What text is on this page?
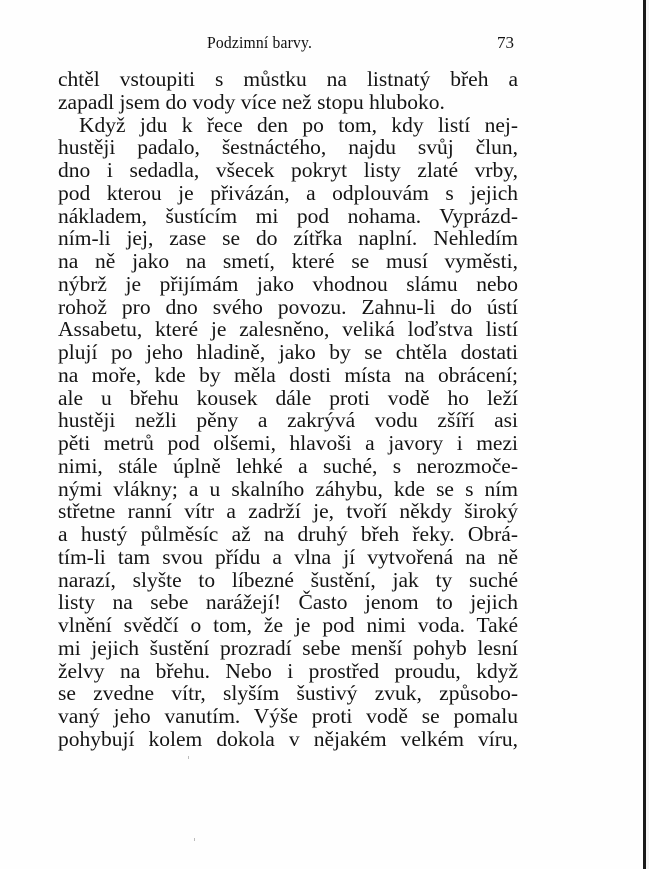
Podzimní barvy.	73
chtěl vstoupiti s můstku na listnatý břeh a
zapadl jsem do vody více než stopu hluboko.
Když jdu k řece den po tom, kdy listí nej-
hustěji padalo, šestnáctého, najdu svůj člun,
dno i sedadla, všecek pokryt listy zlaté vrby,
pod kterou je přivázán, a odplouvám s jejich
nákladem, šustícím mi pod nohama. Vyprázd-
ním-li jej, zase se do zítřka naplní. Nehledím
na ně jako na smetí, které se musí vyměsti,
nýbrž je přijímám jako vhodnou slámu nebo
rohož pro dno svého povozu. Zahnu-li do ústí
Assabetu, které je zalesněno, veliká loďstva listí
plují po jeho hladině, jako by se chtěla dostati
na moře, kde by měla dosti místa na obrácení;
ale u břehu kousek dále proti vodě ho leží
hustěji nežli pěny a zakrývá vodu zšíří asi
pěti metrů pod olšemi, hlavoši a javory i mezi
nimi, stále úplně lehké a suché, s nerozmoče-
nými vlákny; a u skalního záhybu, kde se s ním
střetne ranní vítr a zadrží je, tvoří někdy široký
a hustý půlměsíc až na druhý břeh řeky. Obrá-
tím-li tam svou přídu a vlna jí vytvořená na ně
narazí, slyšte to líbezné šustění, jak ty suché
listy na sebe narážejí! Často jenom to jejich
vlnění svědčí o tom, že je pod nimi voda. Také
mi jejich šustění prozradí sebe menší pohyb lesní
želvy na břehu. Nebo i prostřed proudu, když
se zvedne vítr, slyším šustivý zvuk, způsobo-
vaný jeho vanutím. Výše proti vodě se pomalu
pohybují kolem dokola v nějakém velkém víru,
